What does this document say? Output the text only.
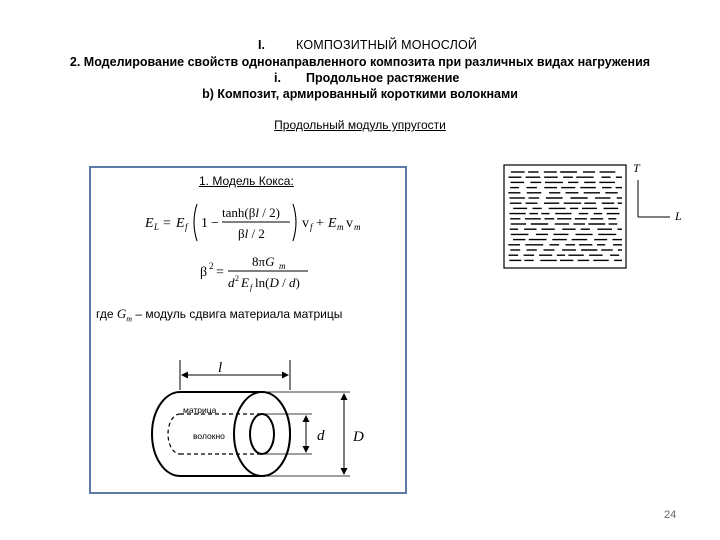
I. КОМПОЗИТНЫЙ МОНОСЛОЙ
2. Моделирование свойств однонаправленного композита при различных видах нагружения
i. Продольное растяжение
b) Композит, армированный короткими волокнами
Продольный модуль упругости
1. Модель Кокса:
E L = E f 1 −
tanh(βl / 2)
βl / 2
v f + E m v m
β 2 =
8πG m
d 2 E f ln(D / d)
где $G_m$ – модуль сдвига материала матрицы
l
d D
матрица
волокно
T
L
24
